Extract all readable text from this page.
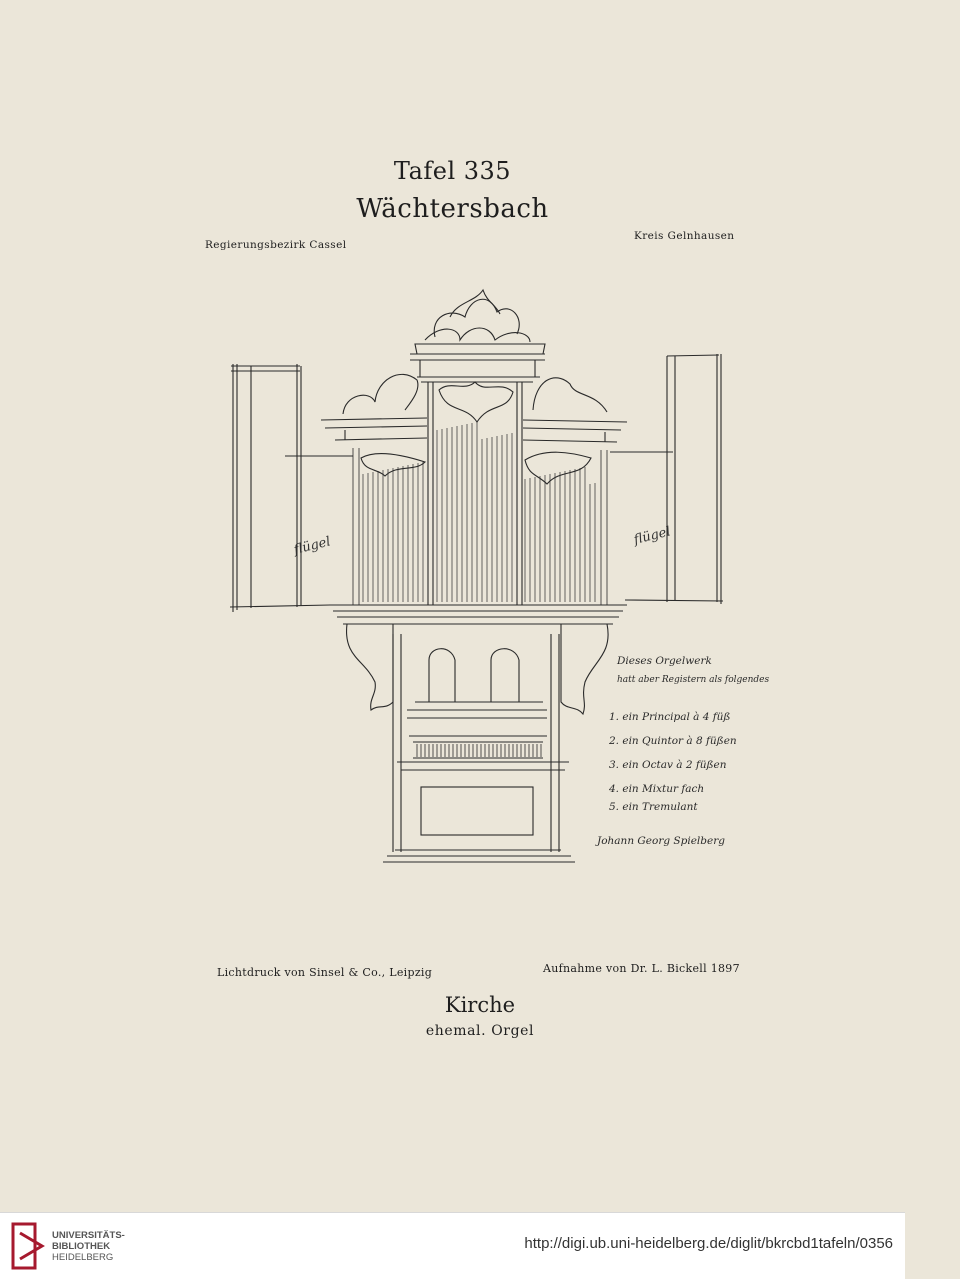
Tafel 335

Wächtersbach

Regierungsbezirk Cassel

Kreis Gelnhausen

flügel	flügel
Dieses Orgelwerk
hatt aber Registern als folgendes
1. ein Principal à 4 füß
2. ein Quintor à 8 füßen
3. ein Octav à 2 füßen
4. ein Mixtur fach
5. ein Tremulant
Johann Georg Spielberg

Lichtdruck von Sinsel & Co., Leipzig	Aufnahme von Dr. L. Bickell 1897

Kirche

ehemal. Orgel

UNIVERSITÄTS-
BIBLIOTHEK
HEIDELBERG
http://digi.ub.uni-heidelberg.de/diglit/bkrcbd1tafeln/0356
